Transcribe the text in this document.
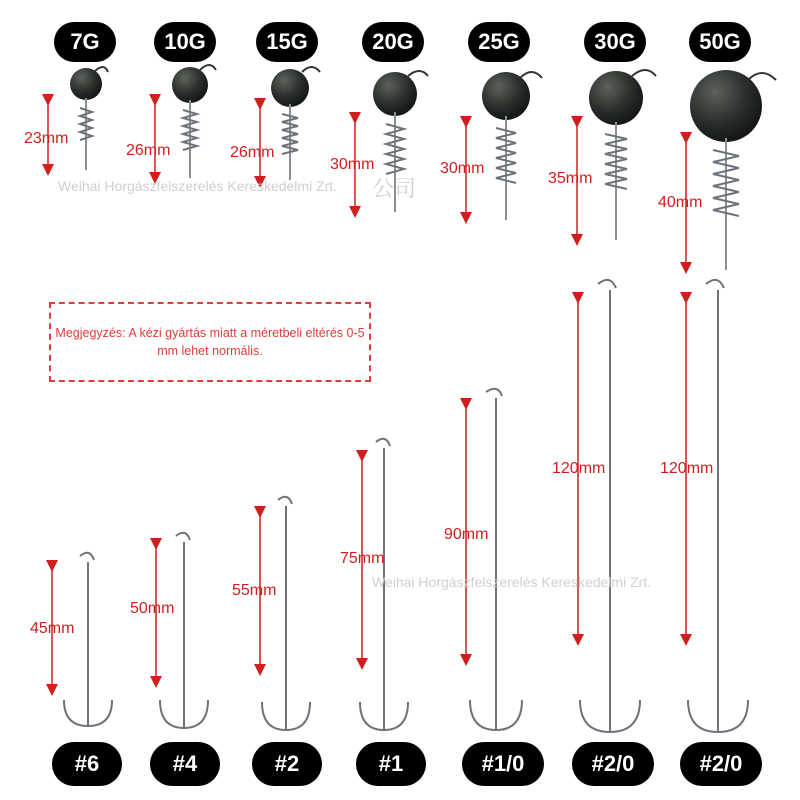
7G	10G	15G	20G	25G	30G	50G
23mm
26mm	26mm
30mm	30mm
35mm
40mm
45mm
50mm
55mm
75mm
90mm
120mm	120mm
Megjegyzés: A kézi gyártás miatt a méretbeli eltérés 0-5 mm lehet normális.
Weihai Horgászfelszerelés Kereskedelmi Zrt. 公司
Weihai Horgászfelszerelés Kereskedelmi Zrt.
#6	#4	#2	#1	#1/0	#2/0	#2/0
